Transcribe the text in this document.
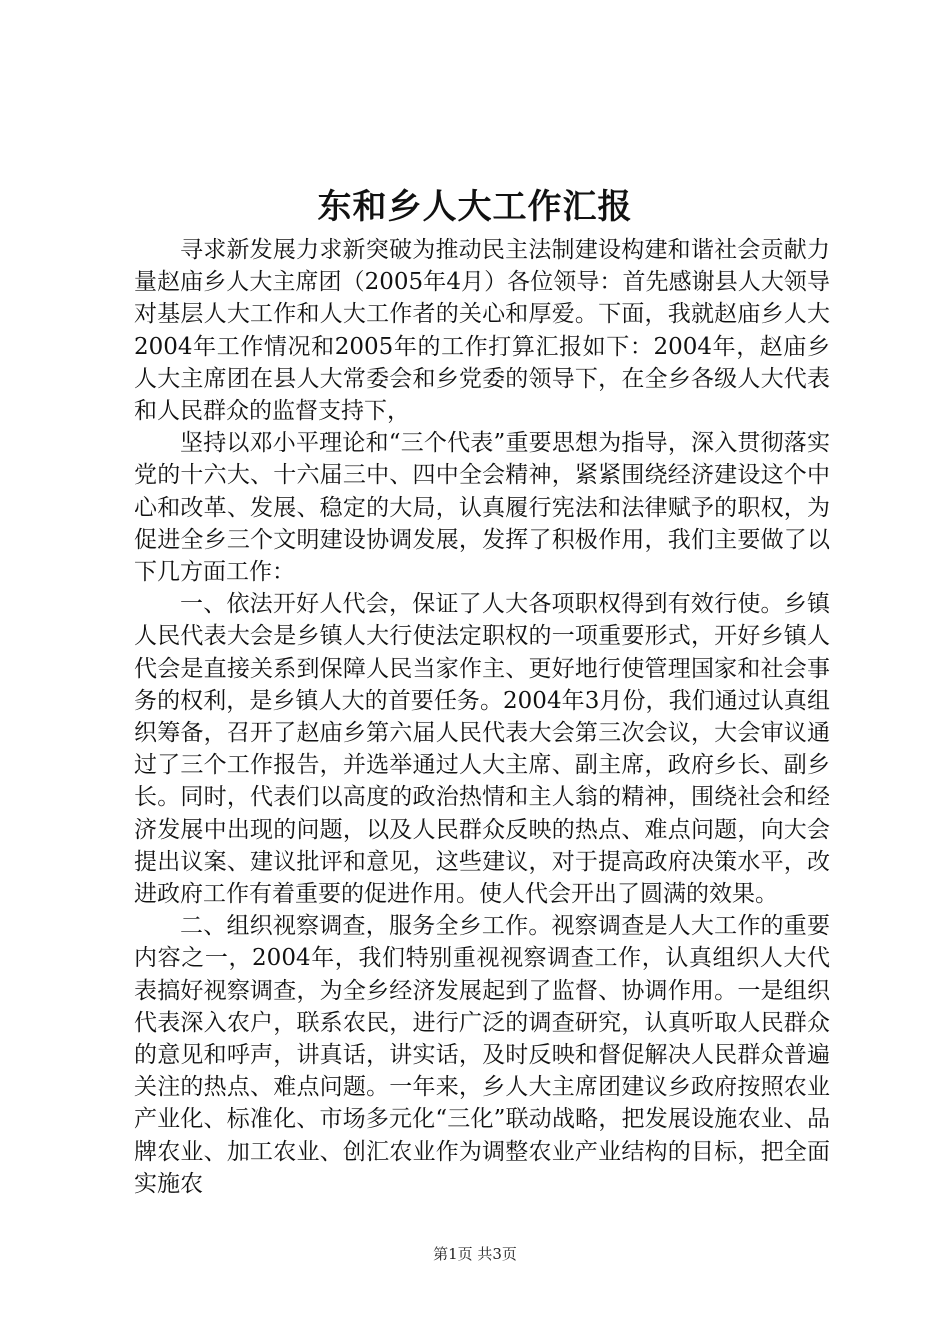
东和乡人大工作汇报

寻求新发展力求新突破为推动民主法制建设构建和谐社会贡献力量赵庙乡人大主席团（2005年4月）各位领导：首先感谢县人大领导对基层人大工作和人大工作者的关心和厚爱。下面，我就赵庙乡人大2004年工作情况和2005年的工作打算汇报如下：2004年，赵庙乡人大主席团在县人大常委会和乡党委的领导下，在全乡各级人大代表和人民群众的监督支持下，

坚持以邓小平理论和“三个代表”重要思想为指导，深入贯彻落实党的十六大、十六届三中、四中全会精神，紧紧围绕经济建设这个中心和改革、发展、稳定的大局，认真履行宪法和法律赋予的职权，为促进全乡三个文明建设协调发展，发挥了积极作用，我们主要做了以下几方面工作：

一、依法开好人代会，保证了人大各项职权得到有效行使。乡镇人民代表大会是乡镇人大行使法定职权的一项重要形式，开好乡镇人代会是直接关系到保障人民当家作主、更好地行使管理国家和社会事务的权利，是乡镇人大的首要任务。2004年3月份，我们通过认真组织筹备，召开了赵庙乡第六届人民代表大会第三次会议，大会审议通过了三个工作报告，并选举通过人大主席、副主席，政府乡长、副乡长。同时，代表们以高度的政治热情和主人翁的精神，围绕社会和经济发展中出现的问题，以及人民群众反映的热点、难点问题，向大会提出议案、建议批评和意见，这些建议，对于提高政府决策水平，改进政府工作有着重要的促进作用。使人代会开出了圆满的效果。

二、组织视察调查，服务全乡工作。视察调查是人大工作的重要内容之一，2004年，我们特别重视视察调查工作，认真组织人大代表搞好视察调查，为全乡经济发展起到了监督、协调作用。一是组织代表深入农户，联系农民，进行广泛的调查研究，认真听取人民群众的意见和呼声，讲真话，讲实话，及时反映和督促解决人民群众普遍关注的热点、难点问题。一年来，乡人大主席团建议乡政府按照农业产业化、标准化、市场多元化“三化”联动战略，把发展设施农业、品牌农业、加工农业、创汇农业作为调整农业产业结构的目标，把全面实施农

第1页 共3页
